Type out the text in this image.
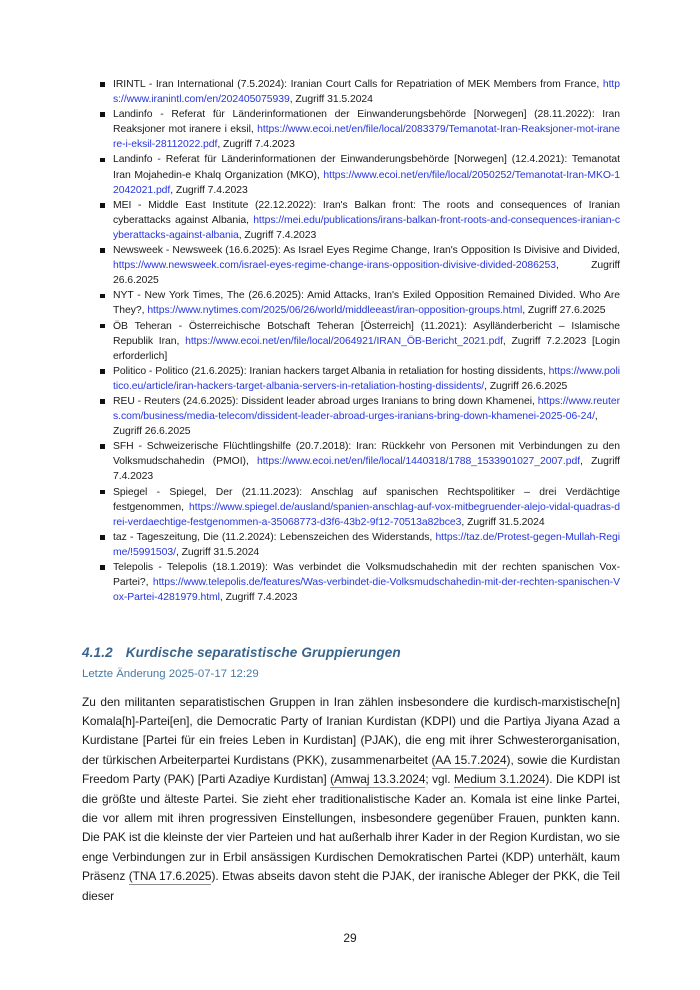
IRINTL - Iran International (7.5.2024): Iranian Court Calls for Repatriation of MEK Members from France, https://www.iranintl.com/en/202405075939, Zugriff 31.5.2024
Landinfo - Referat für Länderinformationen der Einwanderungsbehörde [Norwegen] (28.11.2022): Iran Reaksjoner mot iranere i eksil, https://www.ecoi.net/en/file/local/2083379/Temanotat-Iran-Reaksjoner-mot-iranere-i-eksil-28112022.pdf, Zugriff 7.4.2023
Landinfo - Referat für Länderinformationen der Einwanderungsbehörde [Norwegen] (12.4.2021): Temanotat Iran Mojahedin-e Khalq Organization (MKO), https://www.ecoi.net/en/file/local/2050252/Temanotat-Iran-MKO-12042021.pdf, Zugriff 7.4.2023
MEI - Middle East Institute (22.12.2022): Iran's Balkan front: The roots and consequences of Iranian cyberattacks against Albania, https://mei.edu/publications/irans-balkan-front-roots-and-consequences-iranian-cyberattacks-against-albania, Zugriff 7.4.2023
Newsweek - Newsweek (16.6.2025): As Israel Eyes Regime Change, Iran's Opposition Is Divisive and Divided, https://www.newsweek.com/israel-eyes-regime-change-irans-opposition-divisive-divided-2086253, Zugriff 26.6.2025
NYT - New York Times, The (26.6.2025): Amid Attacks, Iran's Exiled Opposition Remained Divided. Who Are They?, https://www.nytimes.com/2025/06/26/world/middleeast/iran-opposition-groups.html, Zugriff 27.6.2025
ÖB Teheran - Österreichische Botschaft Teheran [Österreich] (11.2021): Asylländerbericht – Islamische Republik Iran, https://www.ecoi.net/en/file/local/2064921/IRAN_ÖB-Bericht_2021.pdf, Zugriff 7.2.2023 [Login erforderlich]
Politico - Politico (21.6.2025): Iranian hackers target Albania in retaliation for hosting dissidents, https://www.politico.eu/article/iran-hackers-target-albania-servers-in-retaliation-hosting-dissidents/, Zugriff 26.6.2025
REU - Reuters (24.6.2025): Dissident leader abroad urges Iranians to bring down Khamenei, https://www.reuters.com/business/media-telecom/dissident-leader-abroad-urges-iranians-bring-down-khamenei-2025-06-24/, Zugriff 26.6.2025
SFH - Schweizerische Flüchtlingshilfe (20.7.2018): Iran: Rückkehr von Personen mit Verbindungen zu den Volksmudschahedin (PMOI), https://www.ecoi.net/en/file/local/1440318/1788_1533901027_2007.pdf, Zugriff 7.4.2023
Spiegel - Spiegel, Der (21.11.2023): Anschlag auf spanischen Rechtspolitiker – drei Verdächtige festgenommen, https://www.spiegel.de/ausland/spanien-anschlag-auf-vox-mitbegruender-alejo-vidal-quadras-drei-verdaechtige-festgenommen-a-35068773-d3f6-43b2-9f12-70513a82bce3, Zugriff 31.5.2024
taz - Tageszeitung, Die (11.2.2024): Lebenszeichen des Widerstands, https://taz.de/Protest-gegen-Mullah-Regime/!5991503/, Zugriff 31.5.2024
Telepolis - Telepolis (18.1.2019): Was verbindet die Volksmudschahedin mit der rechten spanischen Vox-Partei?, https://www.telepolis.de/features/Was-verbindet-die-Volksmudschahedin-mit-der-rechten-spanischen-Vox-Partei-4281979.html, Zugriff 7.4.2023
4.1.2 Kurdische separatistische Gruppierungen
Letzte Änderung 2025-07-17 12:29

Zu den militanten separatistischen Gruppen in Iran zählen insbesondere die kurdisch-marxistische[n] Komala[h]-Partei[en], die Democratic Party of Iranian Kurdistan (KDPI) und die Partiya Jiyana Azad a Kurdistane [Partei für ein freies Leben in Kurdistan] (PJAK), die eng mit ihrer Schwesterorganisation, der türkischen Arbeiterpartei Kurdistans (PKK), zusammenarbeitet (AA 15.7.2024), sowie die Kurdistan Freedom Party (PAK) [Parti Azadiye Kurdistan] (Amwaj 13.3.2024; vgl. Medium 3.1.2024). Die KDPI ist die größte und älteste Partei. Sie zieht eher traditionalistische Kader an. Komala ist eine linke Partei, die vor allem mit ihren progressiven Einstellungen, insbesondere gegenüber Frauen, punkten kann. Die PAK ist die kleinste der vier Parteien und hat außerhalb ihrer Kader in der Region Kurdistan, wo sie enge Verbindungen zur in Erbil ansässigen Kurdischen Demokratischen Partei (KDP) unterhält, kaum Präsenz (TNA 17.6.2025). Etwas abseits davon steht die PJAK, der iranische Ableger der PKK, die Teil dieser

29
